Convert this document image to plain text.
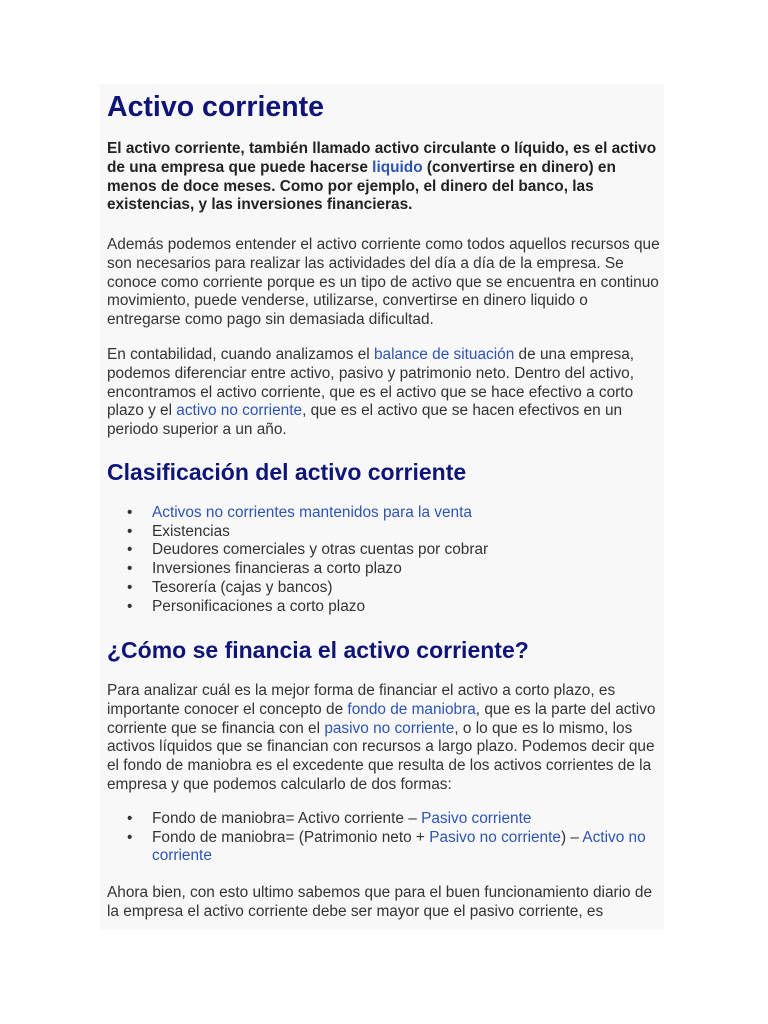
Activo corriente

El activo corriente, también llamado activo circulante o líquido, es el activo de una empresa que puede hacerse liquido (convertirse en dinero) en menos de doce meses. Como por ejemplo, el dinero del banco, las existencias, y las inversiones financieras.

Además podemos entender el activo corriente como todos aquellos recursos que son necesarios para realizar las actividades del día a día de la empresa. Se conoce como corriente porque es un tipo de activo que se encuentra en continuo movimiento, puede venderse, utilizarse, convertirse en dinero liquido o entregarse como pago sin demasiada dificultad.

En contabilidad, cuando analizamos el balance de situación de una empresa, podemos diferenciar entre activo, pasivo y patrimonio neto. Dentro del activo, encontramos el activo corriente, que es el activo que se hace efectivo a corto plazo y el activo no corriente, que es el activo que se hacen efectivos en un periodo superior a un año.

Clasificación del activo corriente
• Activos no corrientes mantenidos para la venta
• Existencias
• Deudores comerciales y otras cuentas por cobrar
• Inversiones financieras a corto plazo
• Tesorería (cajas y bancos)
• Personificaciones a corto plazo
¿Cómo se financia el activo corriente?

Para analizar cuál es la mejor forma de financiar el activo a corto plazo, es importante conocer el concepto de fondo de maniobra, que es la parte del activo corriente que se financia con el pasivo no corriente, o lo que es lo mismo, los activos líquidos que se financian con recursos a largo plazo. Podemos decir que el fondo de maniobra es el excedente que resulta de los activos corrientes de la empresa y que podemos calcularlo de dos formas:

• Fondo de maniobra= Activo corriente – Pasivo corriente
• Fondo de maniobra= (Patrimonio neto + Pasivo no corriente) – Activo no corriente

Ahora bien, con esto ultimo sabemos que para el buen funcionamiento diario de la empresa el activo corriente debe ser mayor que el pasivo corriente, es
